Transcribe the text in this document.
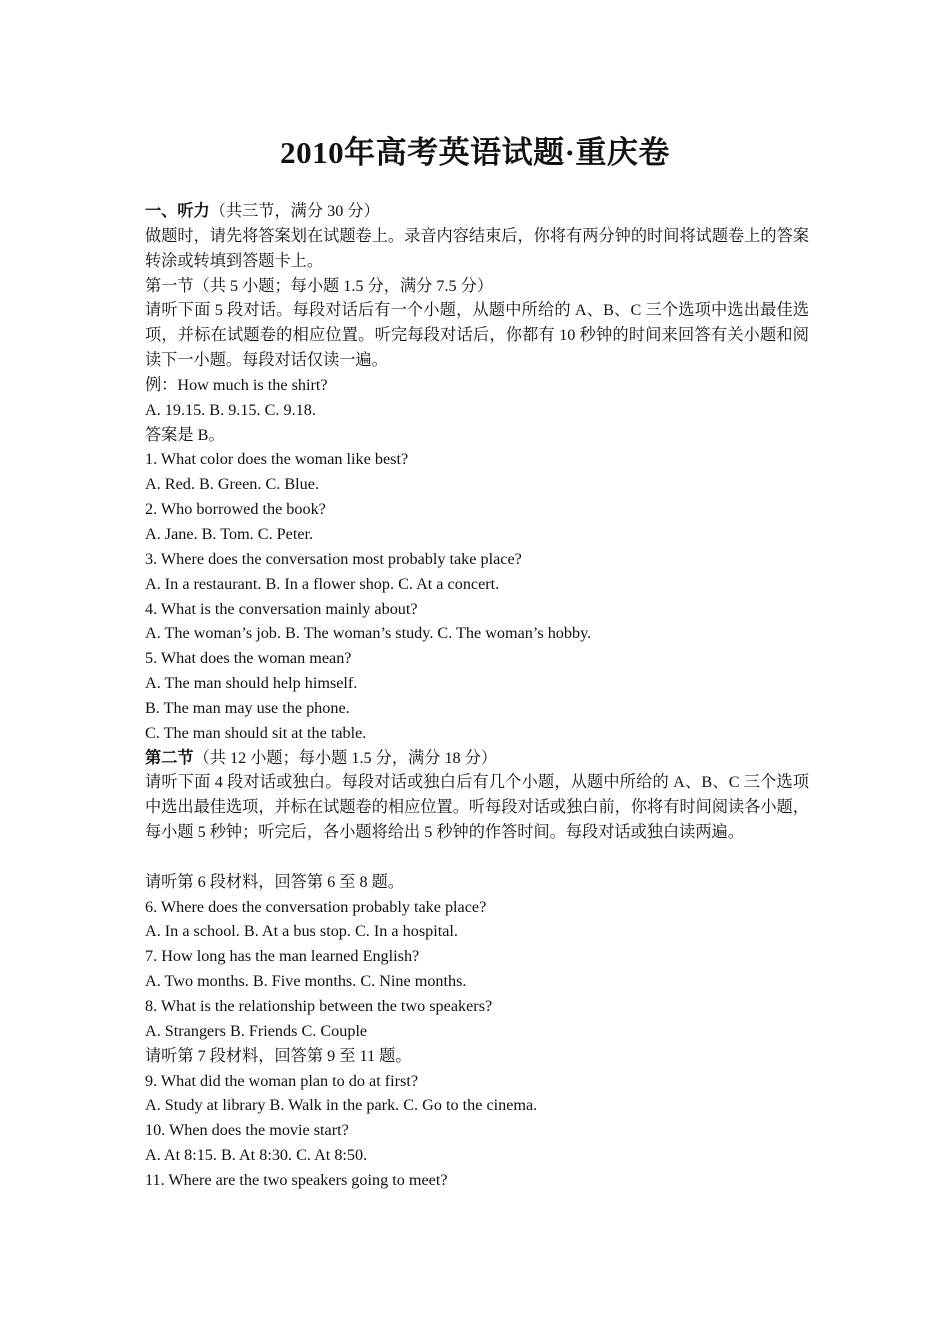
2010年高考英语试题·重庆卷
一、听力（共三节，满分 30 分）
做题时，请先将答案划在试题卷上。录音内容结束后，你将有两分钟的时间将试题卷上的答案转涂或转填到答题卡上。
第一节（共 5 小题；每小题 1.5 分，满分 7.5 分）
请听下面 5 段对话。每段对话后有一个小题，从题中所给的 A、B、C 三个选项中选出最佳选项，并标在试题卷的相应位置。听完每段对话后，你都有 10 秒钟的时间来回答有关小题和阅读下一小题。每段对话仅读一遍。
例：How much is the shirt?
A. 19.15. B. 9.15. C. 9.18.
答案是 B。
1. What color does the woman like best?
A. Red. B. Green. C. Blue.
2. Who borrowed the book?
A. Jane. B. Tom. C. Peter.
3. Where does the conversation most probably take place?
A. In a restaurant. B. In a flower shop. C. At a concert.
4. What is the conversation mainly about?
A. The woman’s job. B. The woman’s study. C. The woman’s hobby.
5. What does the woman mean?
A. The man should help himself.
B. The man may use the phone.
C. The man should sit at the table.
第二节（共 12 小题；每小题 1.5 分，满分 18 分）
请听下面 4 段对话或独白。每段对话或独白后有几个小题，从题中所给的 A、B、C 三个选项中选出最佳选项，并标在试题卷的相应位置。听每段对话或独白前，你将有时间阅读各小题，每小题 5 秒钟；听完后，各小题将给出 5 秒钟的作答时间。每段对话或独白读两遍。
请听第 6 段材料，回答第 6 至 8 题。
6. Where does the conversation probably take place?
A. In a school. B. At a bus stop. C. In a hospital.
7. How long has the man learned English?
A. Two months. B. Five months. C. Nine months.
8. What is the relationship between the two speakers?
A. Strangers B. Friends C. Couple
请听第 7 段材料，回答第 9 至 11 题。
9. What did the woman plan to do at first?
A. Study at library B. Walk in the park. C. Go to the cinema.
10. When does the movie start?
A. At 8:15. B. At 8:30. C. At 8:50.
11. Where are the two speakers going to meet?
